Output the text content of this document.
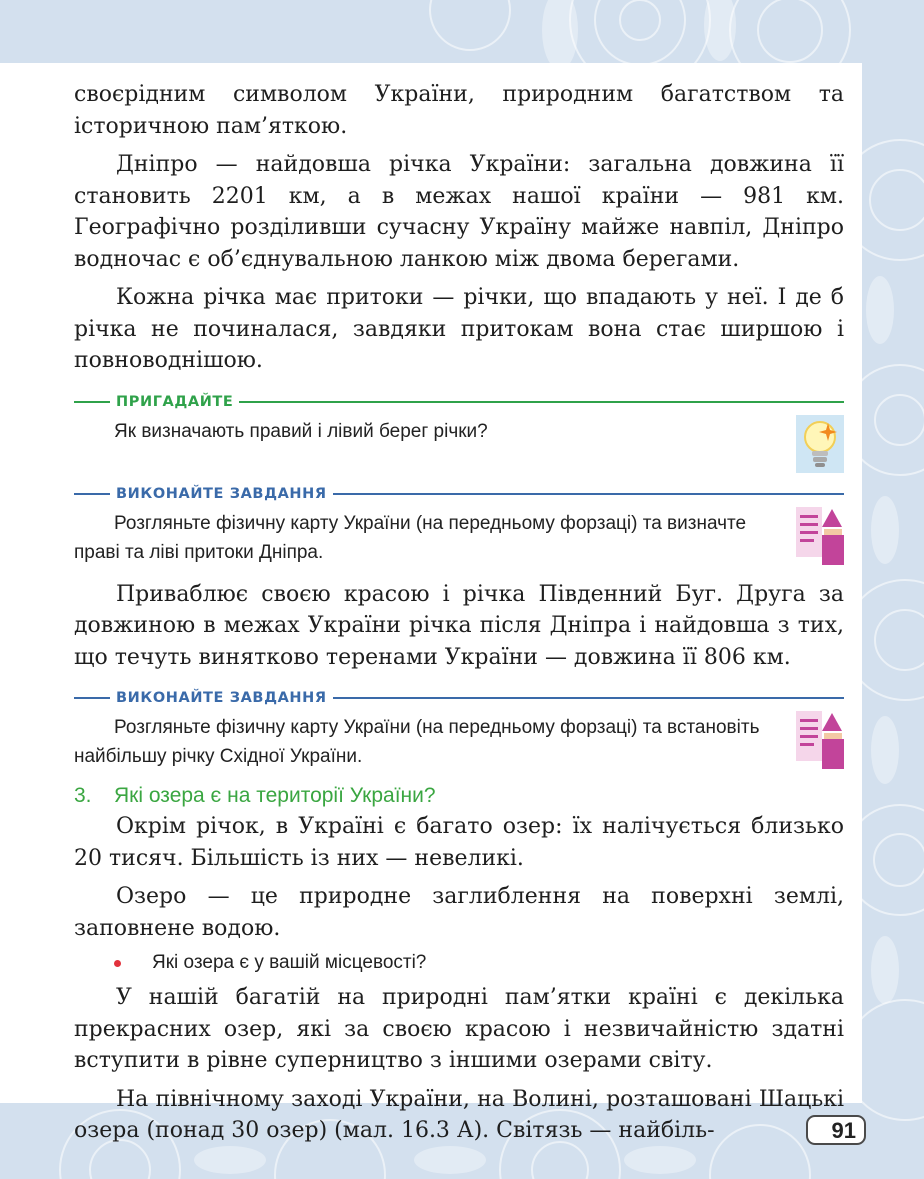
своєрідним символом України, природним багатством та історичною пам’яткою.

Дніпро — найдовша річка України: загальна довжина її становить 2201 км, а в межах нашої країни — 981 км. Географічно розділивши сучасну Україну майже навпіл, Дніпро водночас є об’єднувальною ланкою між двома берегами.

Кожна річка має притоки — річки, що впадають у неї. І де б річка не починалася, завдяки притокам вона стає ширшою і повноводнішою.

ПРИГАДАЙТЕ
Як визначають правий і лівий берег річки?
ВИКОНАЙТЕ ЗАВДАННЯ
Розгляньте фізичну карту України (на передньому форзаці) та визначте праві та ліві притоки Дніпра.

Приваблює своєю красою і річка Південний Буг. Друга за довжиною в межах України річка після Дніпра і найдовша з тих, що течуть винятково теренами України — довжина її 806 км.

ВИКОНАЙТЕ ЗАВДАННЯ
Розгляньте фізичну карту України (на передньому форзаці) та встановіть найбільшу річку Східної України.
3. Які озера є на території України?

Окрім річок, в Україні є багато озер: їх налічується близько 20 тисяч. Більшість із них — невеликі.

Озеро — це природне заглиблення на поверхні землі, заповнене водою.

Які озера є у вашій місцевості?

У нашій багатій на природні пам’ятки країні є декілька прекрасних озер, які за своєю красою і незвичайністю здатні вступити в рівне суперництво з іншими озерами світу.

На північному заході України, на Волині, розташовані Шацькі озера (понад 30 озер) (мал. 16.3 А). Світязь — найбіль-	91
